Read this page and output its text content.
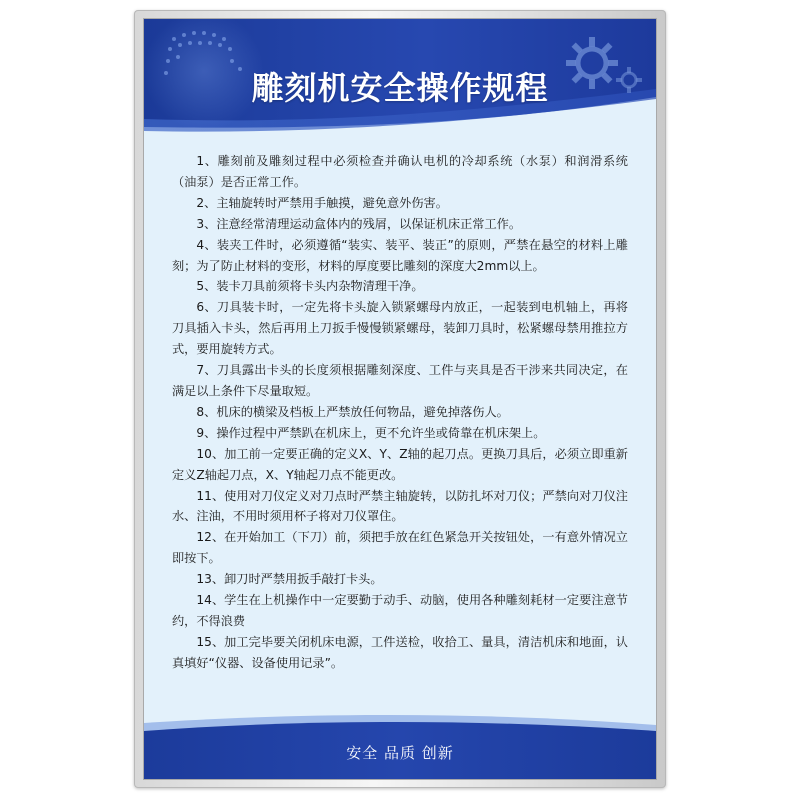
雕刻机安全操作规程

1、雕刻前及雕刻过程中必须检查并确认电机的冷却系统（水泵）和润滑系统（油泵）是否正常工作。

2、主轴旋转时严禁用手触摸，避免意外伤害。

3、注意经常清理运动盒体内的残屑，以保证机床正常工作。

4、装夹工件时，必须遵循“装实、装平、装正”的原则，严禁在悬空的材料上雕刻；为了防止材料的变形，材料的厚度要比雕刻的深度大2mm以上。

5、装卡刀具前须将卡头内杂物清理干净。

6、刀具装卡时，一定先将卡头旋入锁紧螺母内放正，一起装到电机轴上，再将刀具插入卡头，然后再用上刀扳手慢慢锁紧螺母，装卸刀具时，松紧螺母禁用推拉方式，要用旋转方式。

7、刀具露出卡头的长度须根据雕刻深度、工件与夹具是否干涉来共同决定，在满足以上条件下尽量取短。

8、机床的横梁及档板上严禁放任何物品，避免掉落伤人。

9、操作过程中严禁趴在机床上，更不允许坐或倚靠在机床架上。

10、加工前一定要正确的定义X、Y、Z轴的起刀点。更换刀具后，必须立即重新定义Z轴起刀点，X、Y轴起刀点不能更改。

11、使用对刀仪定义对刀点时严禁主轴旋转，以防扎坏对刀仪；严禁向对刀仪注水、注油，不用时须用杯子将对刀仪罩住。

12、在开始加工（下刀）前，须把手放在红色紧急开关按钮处，一有意外情况立即按下。

13、卸刀时严禁用扳手敲打卡头。

14、学生在上机操作中一定要勤于动手、动脑，使用各种雕刻耗材一定要注意节约，不得浪费

15、加工完毕要关闭机床电源，工件送检，收拾工、量具，清洁机床和地面，认真填好“仪器、设备使用记录”。

安全 品质 创新
